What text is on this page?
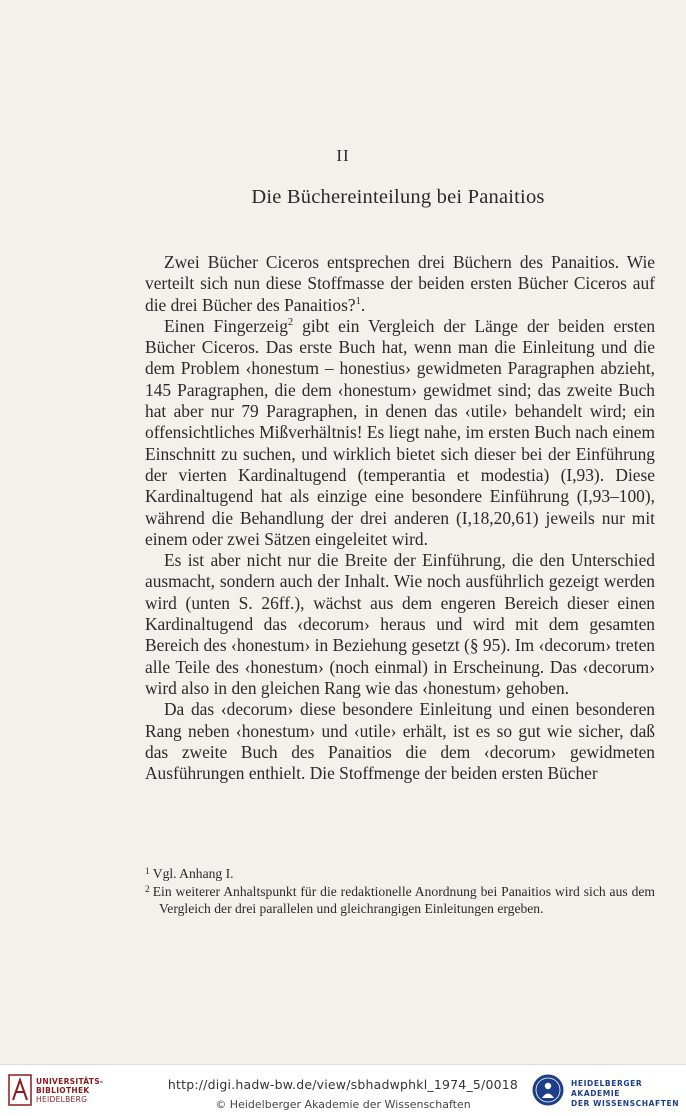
II
Die Büchereinteilung bei Panaitios

Zwei Bücher Ciceros entsprechen drei Büchern des Panaitios. Wie verteilt sich nun diese Stoffmasse der beiden ersten Bücher Ciceros auf die drei Bücher des Panaitios?$^1$.

Einen Fingerzeig$^2$ gibt ein Vergleich der Länge der beiden ersten Bücher Ciceros. Das erste Buch hat, wenn man die Einleitung und die dem Problem ‹honestum – honestius› gewidmeten Paragraphen abzieht, 145 Paragraphen, die dem ‹honestum› gewidmet sind; das zweite Buch hat aber nur 79 Paragraphen, in denen das ‹utile› behandelt wird; ein offensichtliches Mißverhältnis! Es liegt nahe, im ersten Buch nach einem Einschnitt zu suchen, und wirklich bietet sich dieser bei der Einführung der vierten Kardinaltugend (temperantia et modestia) (I,93). Diese Kardinaltugend hat als einzige eine besondere Einführung (I,93–100), während die Behandlung der drei anderen (I,18,20,61) jeweils nur mit einem oder zwei Sätzen eingeleitet wird.

Es ist aber nicht nur die Breite der Einführung, die den Unterschied ausmacht, sondern auch der Inhalt. Wie noch ausführlich gezeigt werden wird (unten S. 26ff.), wächst aus dem engeren Bereich dieser einen Kardinaltugend das ‹decorum› heraus und wird mit dem gesamten Bereich des ‹honestum› in Beziehung gesetzt (§ 95). Im ‹decorum› treten alle Teile des ‹honestum› (noch einmal) in Erscheinung. Das ‹decorum› wird also in den gleichen Rang wie das ‹honestum› gehoben.

Da das ‹decorum› diese besondere Einleitung und einen besonderen Rang neben ‹honestum› und ‹utile› erhält, ist es so gut wie sicher, daß das zweite Buch des Panaitios die dem ‹decorum› gewidmeten Ausführungen enthielt. Die Stoffmenge der beiden ersten Bücher

$^1$ Vgl. Anhang I.
$^2$ Ein weiterer Anhaltspunkt für die redaktionelle Anordnung bei Panaitios wird sich aus dem Vergleich der drei parallelen und gleichrangigen Einleitungen ergeben.
UNIVERSITÄTS-
BIBLIOTHEK
HEIDELBERG
http://digi.hadw-bw.de/view/sbhadwphkl_1974_5/0018
© Heidelberger Akademie der Wissenschaften
HEIDELBERGER AKADEMIE
DER WISSENSCHAFTEN
